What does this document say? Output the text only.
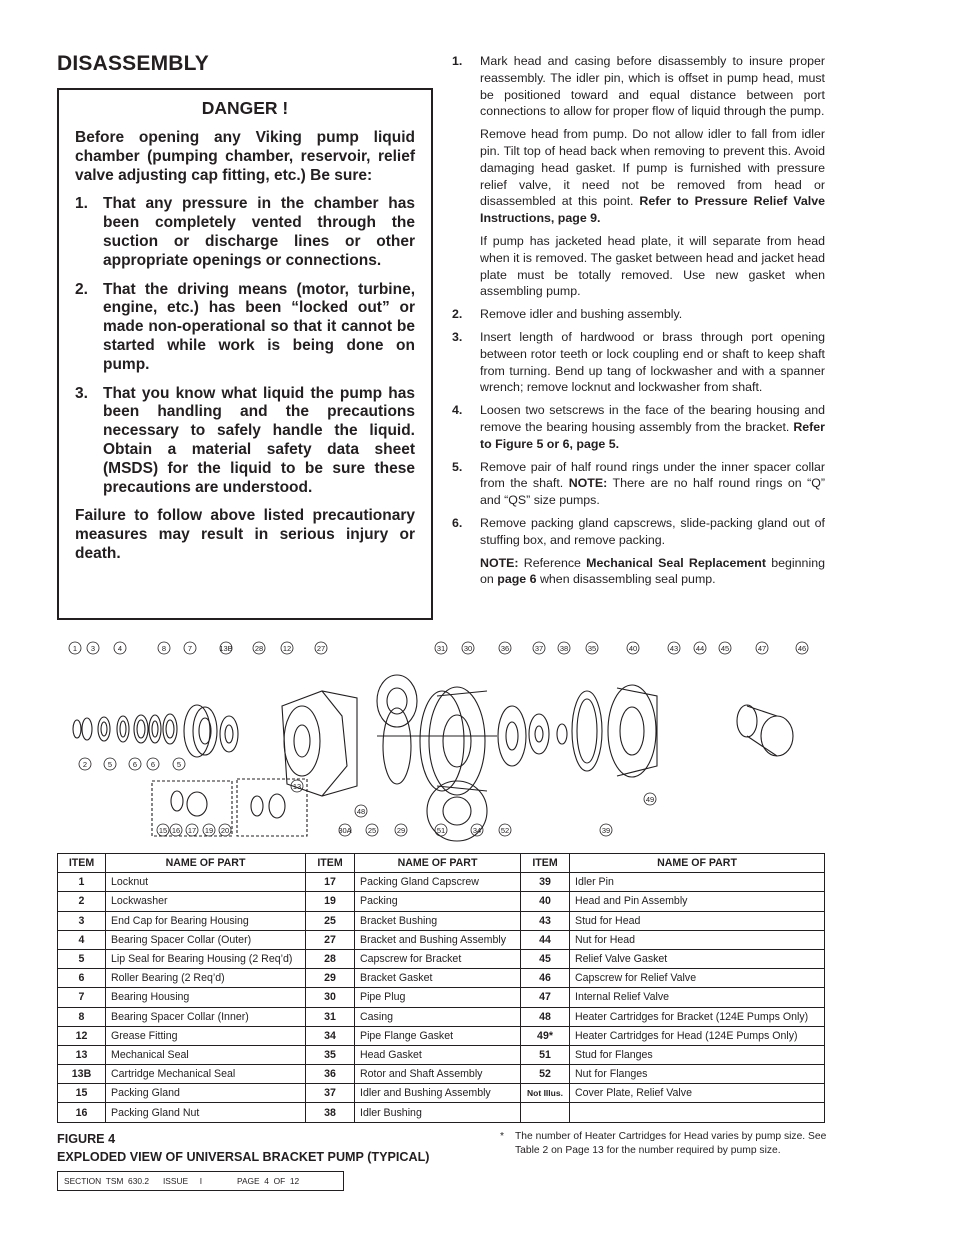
DISASSEMBLY
DANGER !

Before opening any Viking pump liquid chamber (pumping chamber, reservoir, relief valve adjusting cap fitting, etc.) Be sure:

1. That any pressure in the chamber has been completely vented through the suction or discharge lines or other appropriate openings or connections.
2. That the driving means (motor, turbine, engine, etc.) has been “locked out” or made non-operational so that it cannot be started while work is being done on pump.
3. That you know what liquid the pump has been handling and the precautions necessary to safely handle the liquid. Obtain a material safety data sheet (MSDS) for the liquid to be sure these precautions are understood.

Failure to follow above listed precautionary measures may result in serious injury or death.

1.	Mark head and casing before disassembly to insure proper reassembly. The idler pin, which is offset in pump head, must be positioned toward and equal distance between port connections to allow for proper flow of liquid through the pump.

Remove head from pump. Do not allow idler to fall from idler pin. Tilt top of head back when removing to prevent this. Avoid damaging head gasket. If pump is furnished with pressure relief valve, it need not be removed from head or disassembled at this point. Refer to Pressure Relief Valve Instructions, page 9.

If pump has jacketed head plate, it will separate from head when it is removed. The gasket between head and jacket head plate must be totally removed. Use new gasket when assembling pump.

2.	Remove idler and bushing assembly.

3.	Insert length of hardwood or brass through port opening between rotor teeth or lock coupling end or shaft to keep shaft from turning. Bend up tang of lockwasher and with a spanner wrench; remove locknut and lockwasher from shaft.

4.	Loosen two setscrews in the face of the bearing housing and remove the bearing housing assembly from the bracket. Refer to Figure 5 or 6, page 5.

5.	Remove pair of half round rings under the inner spacer collar from the shaft. NOTE: There are no half round rings on “Q” and “QS” size pumps.

6.	Remove packing gland capscrews, slide-packing gland out of stuffing box, and remove packing.

NOTE: Reference Mechanical Seal Replacement beginning on page 6 when disassembling seal pump.

1 3	4	8	7	13B	28	12	27	31 30	36	37 38	35	40	43 44 45	47	46
2	5	6 6	5
15 16 17 19 20
13
30A 25	29	51	34	52	39
48
49
ITEM	NAME OF PART	ITEM	NAME OF PART	ITEM	NAME OF PART
1	Locknut	17	Packing Gland Capscrew	39	Idler Pin
2	Lockwasher	19	Packing	40	Head and Pin Assembly
3	End Cap for Bearing Housing	25	Bracket Bushing	43	Stud for Head
4	Bearing Spacer Collar (Outer)	27	Bracket and Bushing Assembly	44	Nut for Head
5	Lip Seal for Bearing Housing (2 Req’d)	28	Capscrew for Bracket	45	Relief Valve Gasket
6	Roller Bearing (2 Req’d)	29	Bracket Gasket	46	Capscrew for Relief Valve
7	Bearing Housing	30	Pipe Plug	47	Internal Relief Valve
8	Bearing Spacer Collar (Inner)	31	Casing	48	Heater Cartridges for Bracket (124E Pumps Only)
12	Grease Fitting	34	Pipe Flange Gasket	49*	Heater Cartridges for Head (124E Pumps Only)
13	Mechanical Seal	35	Head Gasket	51	Stud for Flanges
13B	Cartridge Mechanical Seal	36	Rotor and Shaft Assembly	52	Nut for Flanges
15	Packing Gland	37	Idler and Bushing Assembly	Not Illus.	Cover Plate, Relief Valve
16	Packing Gland Nut	38	Idler Bushing		
FIGURE 4
EXPLODED VIEW OF UNIVERSAL BRACKET PUMP (TYPICAL)
*	The number of Heater Cartridges for Head varies by pump size. See Table 2 on Page 13 for the number required by pump size.
SECTION  TSM  630.2      ISSUE     I               PAGE  4  OF  12
